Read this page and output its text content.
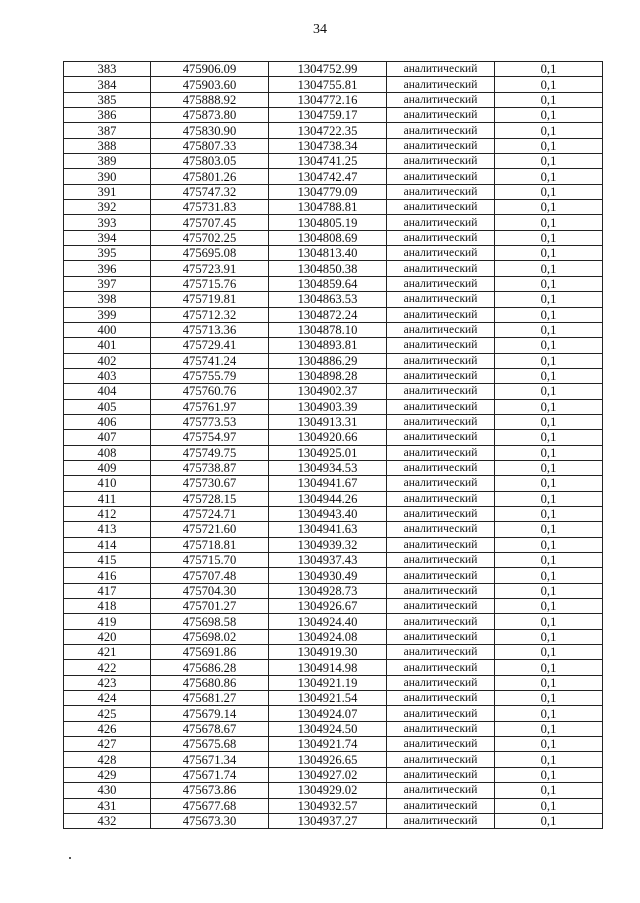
34
383	475906.09	1304752.99	аналитический	0,1
384	475903.60	1304755.81	аналитический	0,1
385	475888.92	1304772.16	аналитический	0,1
386	475873.80	1304759.17	аналитический	0,1
387	475830.90	1304722.35	аналитический	0,1
388	475807.33	1304738.34	аналитический	0,1
389	475803.05	1304741.25	аналитический	0,1
390	475801.26	1304742.47	аналитический	0,1
391	475747.32	1304779.09	аналитический	0,1
392	475731.83	1304788.81	аналитический	0,1
393	475707.45	1304805.19	аналитический	0,1
394	475702.25	1304808.69	аналитический	0,1
395	475695.08	1304813.40	аналитический	0,1
396	475723.91	1304850.38	аналитический	0,1
397	475715.76	1304859.64	аналитический	0,1
398	475719.81	1304863.53	аналитический	0,1
399	475712.32	1304872.24	аналитический	0,1
400	475713.36	1304878.10	аналитический	0,1
401	475729.41	1304893.81	аналитический	0,1
402	475741.24	1304886.29	аналитический	0,1
403	475755.79	1304898.28	аналитический	0,1
404	475760.76	1304902.37	аналитический	0,1
405	475761.97	1304903.39	аналитический	0,1
406	475773.53	1304913.31	аналитический	0,1
407	475754.97	1304920.66	аналитический	0,1
408	475749.75	1304925.01	аналитический	0,1
409	475738.87	1304934.53	аналитический	0,1
410	475730.67	1304941.67	аналитический	0,1
411	475728.15	1304944.26	аналитический	0,1
412	475724.71	1304943.40	аналитический	0,1
413	475721.60	1304941.63	аналитический	0,1
414	475718.81	1304939.32	аналитический	0,1
415	475715.70	1304937.43	аналитический	0,1
416	475707.48	1304930.49	аналитический	0,1
417	475704.30	1304928.73	аналитический	0,1
418	475701.27	1304926.67	аналитический	0,1
419	475698.58	1304924.40	аналитический	0,1
420	475698.02	1304924.08	аналитический	0,1
421	475691.86	1304919.30	аналитический	0,1
422	475686.28	1304914.98	аналитический	0,1
423	475680.86	1304921.19	аналитический	0,1
424	475681.27	1304921.54	аналитический	0,1
425	475679.14	1304924.07	аналитический	0,1
426	475678.67	1304924.50	аналитический	0,1
427	475675.68	1304921.74	аналитический	0,1
428	475671.34	1304926.65	аналитический	0,1
429	475671.74	1304927.02	аналитический	0,1
430	475673.86	1304929.02	аналитический	0,1
431	475677.68	1304932.57	аналитический	0,1
432	475673.30	1304937.27	аналитический	0,1
